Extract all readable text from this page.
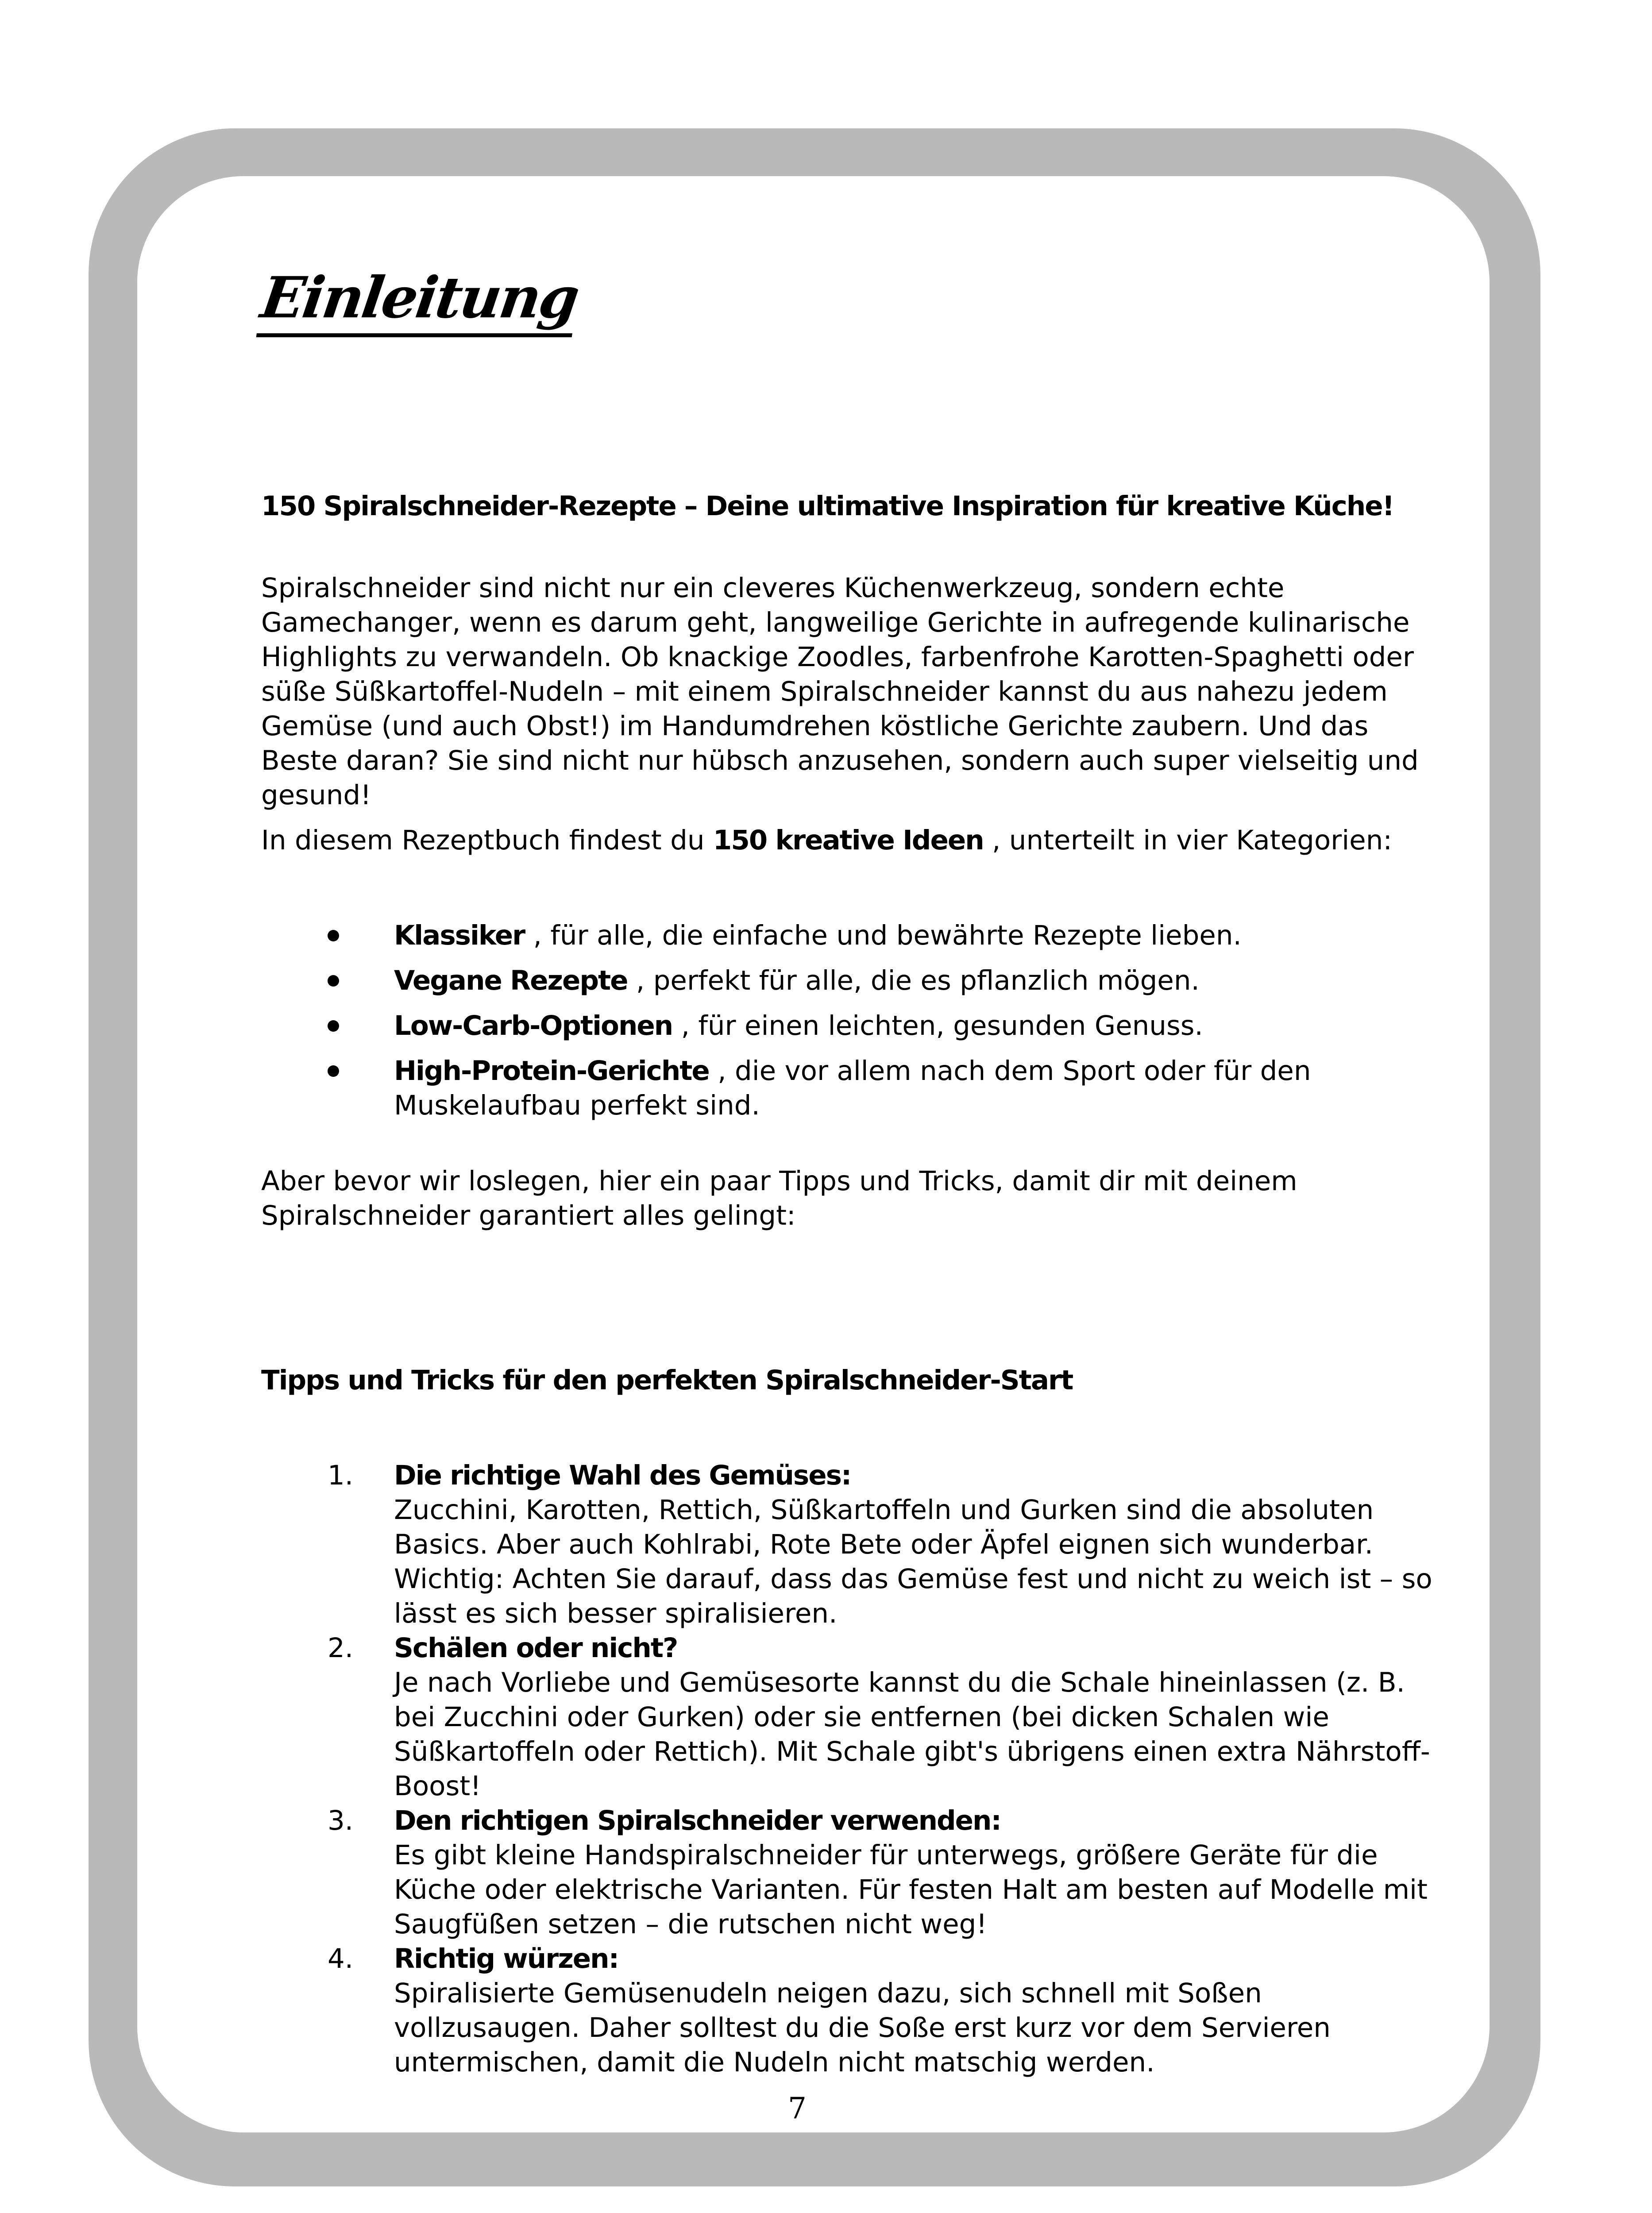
Einleitung
150 Spiralschneider-Rezepte – Deine ultimative Inspiration für kreative Küche!
Spiralschneider sind nicht nur ein cleveres Küchenwerkzeug, sondern echte Gamechanger, wenn es darum geht, langweilige Gerichte in aufregende kulinarische Highlights zu verwandeln. Ob knackige Zoodles, farbenfrohe Karotten-Spaghetti oder süße Süßkartoffel-Nudeln – mit einem Spiralschneider kannst du aus nahezu jedem Gemüse (und auch Obst!) im Handumdrehen köstliche Gerichte zaubern. Und das Beste daran? Sie sind nicht nur hübsch anzusehen, sondern auch super vielseitig und gesund!
In diesem Rezeptbuch findest du 150 kreative Ideen , unterteilt in vier Kategorien:
Klassiker , für alle, die einfache und bewährte Rezepte lieben.
Vegane Rezepte , perfekt für alle, die es pflanzlich mögen.
Low-Carb-Optionen , für einen leichten, gesunden Genuss.
High-Protein-Gerichte , die vor allem nach dem Sport oder für den Muskelaufbau perfekt sind.
Aber bevor wir loslegen, hier ein paar Tipps und Tricks, damit dir mit deinem Spiralschneider garantiert alles gelingt:
Tipps und Tricks für den perfekten Spiralschneider-Start
1. Die richtige Wahl des Gemüses:
Zucchini, Karotten, Rettich, Süßkartoffeln und Gurken sind die absoluten Basics. Aber auch Kohlrabi, Rote Bete oder Äpfel eignen sich wunderbar. Wichtig: Achten Sie darauf, dass das Gemüse fest und nicht zu weich ist – so lässt es sich besser spiralisieren.
2. Schälen oder nicht?
Je nach Vorliebe und Gemüsesorte kannst du die Schale hineinlassen (z. B. bei Zucchini oder Gurken) oder sie entfernen (bei dicken Schalen wie Süßkartoffeln oder Rettich). Mit Schale gibt's übrigens einen extra Nährstoff-Boost!
3. Den richtigen Spiralschneider verwenden:
Es gibt kleine Handspiralschneider für unterwegs, größere Geräte für die Küche oder elektrische Varianten. Für festen Halt am besten auf Modelle mit Saugfüßen setzen – die rutschen nicht weg!
4. Richtig würzen:
Spiralisierte Gemüsenudeln neigen dazu, sich schnell mit Soßen vollzusaugen. Daher solltest du die Soße erst kurz vor dem Servieren untermischen, damit die Nudeln nicht matschig werden.
7
